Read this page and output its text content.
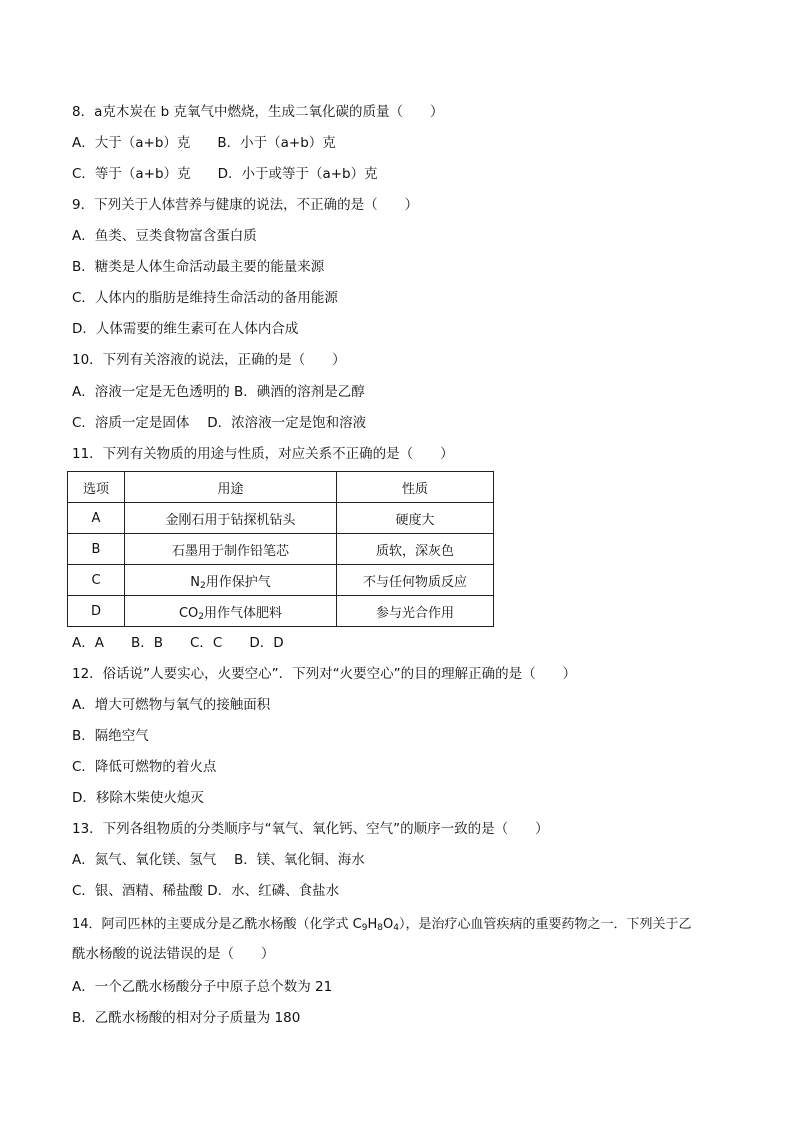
8．a克木炭在 b 克氧气中燃烧，生成二氧化碳的质量（　　）
A．大于（a+b）克　　B．小于（a+b）克
C．等于（a+b）克　　D．小于或等于（a+b）克
9．下列关于人体营养与健康的说法，不正确的是（　　）
A．鱼类、豆类食物富含蛋白质
B．糖类是人体生命活动最主要的能量来源
C．人体内的脂肪是维持生命活动的备用能源
D．人体需要的维生素可在人体内合成
10．下列有关溶液的说法，正确的是（　　）
A．溶液一定是无色透明的 B．碘酒的溶剂是乙醇
C．溶质一定是固体　 D．浓溶液一定是饱和溶液
11．下列有关物质的用途与性质，对应关系不正确的是（　　）
选项	用途	性质
A	金刚石用于钻探机钻头	硬度大
B	石墨用于制作铅笔芯	质软，深灰色
C	$N_2$用作保护气	不与任何物质反应
D	$CO_2$用作气体肥料	参与光合作用
A．A　　B．B　　C．C　　D．D
12．俗话说”人要实心，火要空心”．下列对“火要空心”的目的理解正确的是（　　）
A．增大可燃物与氧气的接触面积
B．隔绝空气
C．降低可燃物的着火点
D．移除木柴使火熄灭
13．下列各组物质的分类顺序与“氧气、氧化钙、空气”的顺序一致的是（　　）
A．氮气、氧化镁、氢气　 B．镁、氧化铜、海水
C．银、酒精、稀盐酸 D．水、红磷、食盐水
14．阿司匹林的主要成分是乙酰水杨酸（化学式 $C_9H_8O_4$），是治疗心血管疾病的重要药物之一．下列关于乙
酰水杨酸的说法错误的是（　　）
A．一个乙酰水杨酸分子中原子总个数为 21
B．乙酰水杨酸的相对分子质量为 180
